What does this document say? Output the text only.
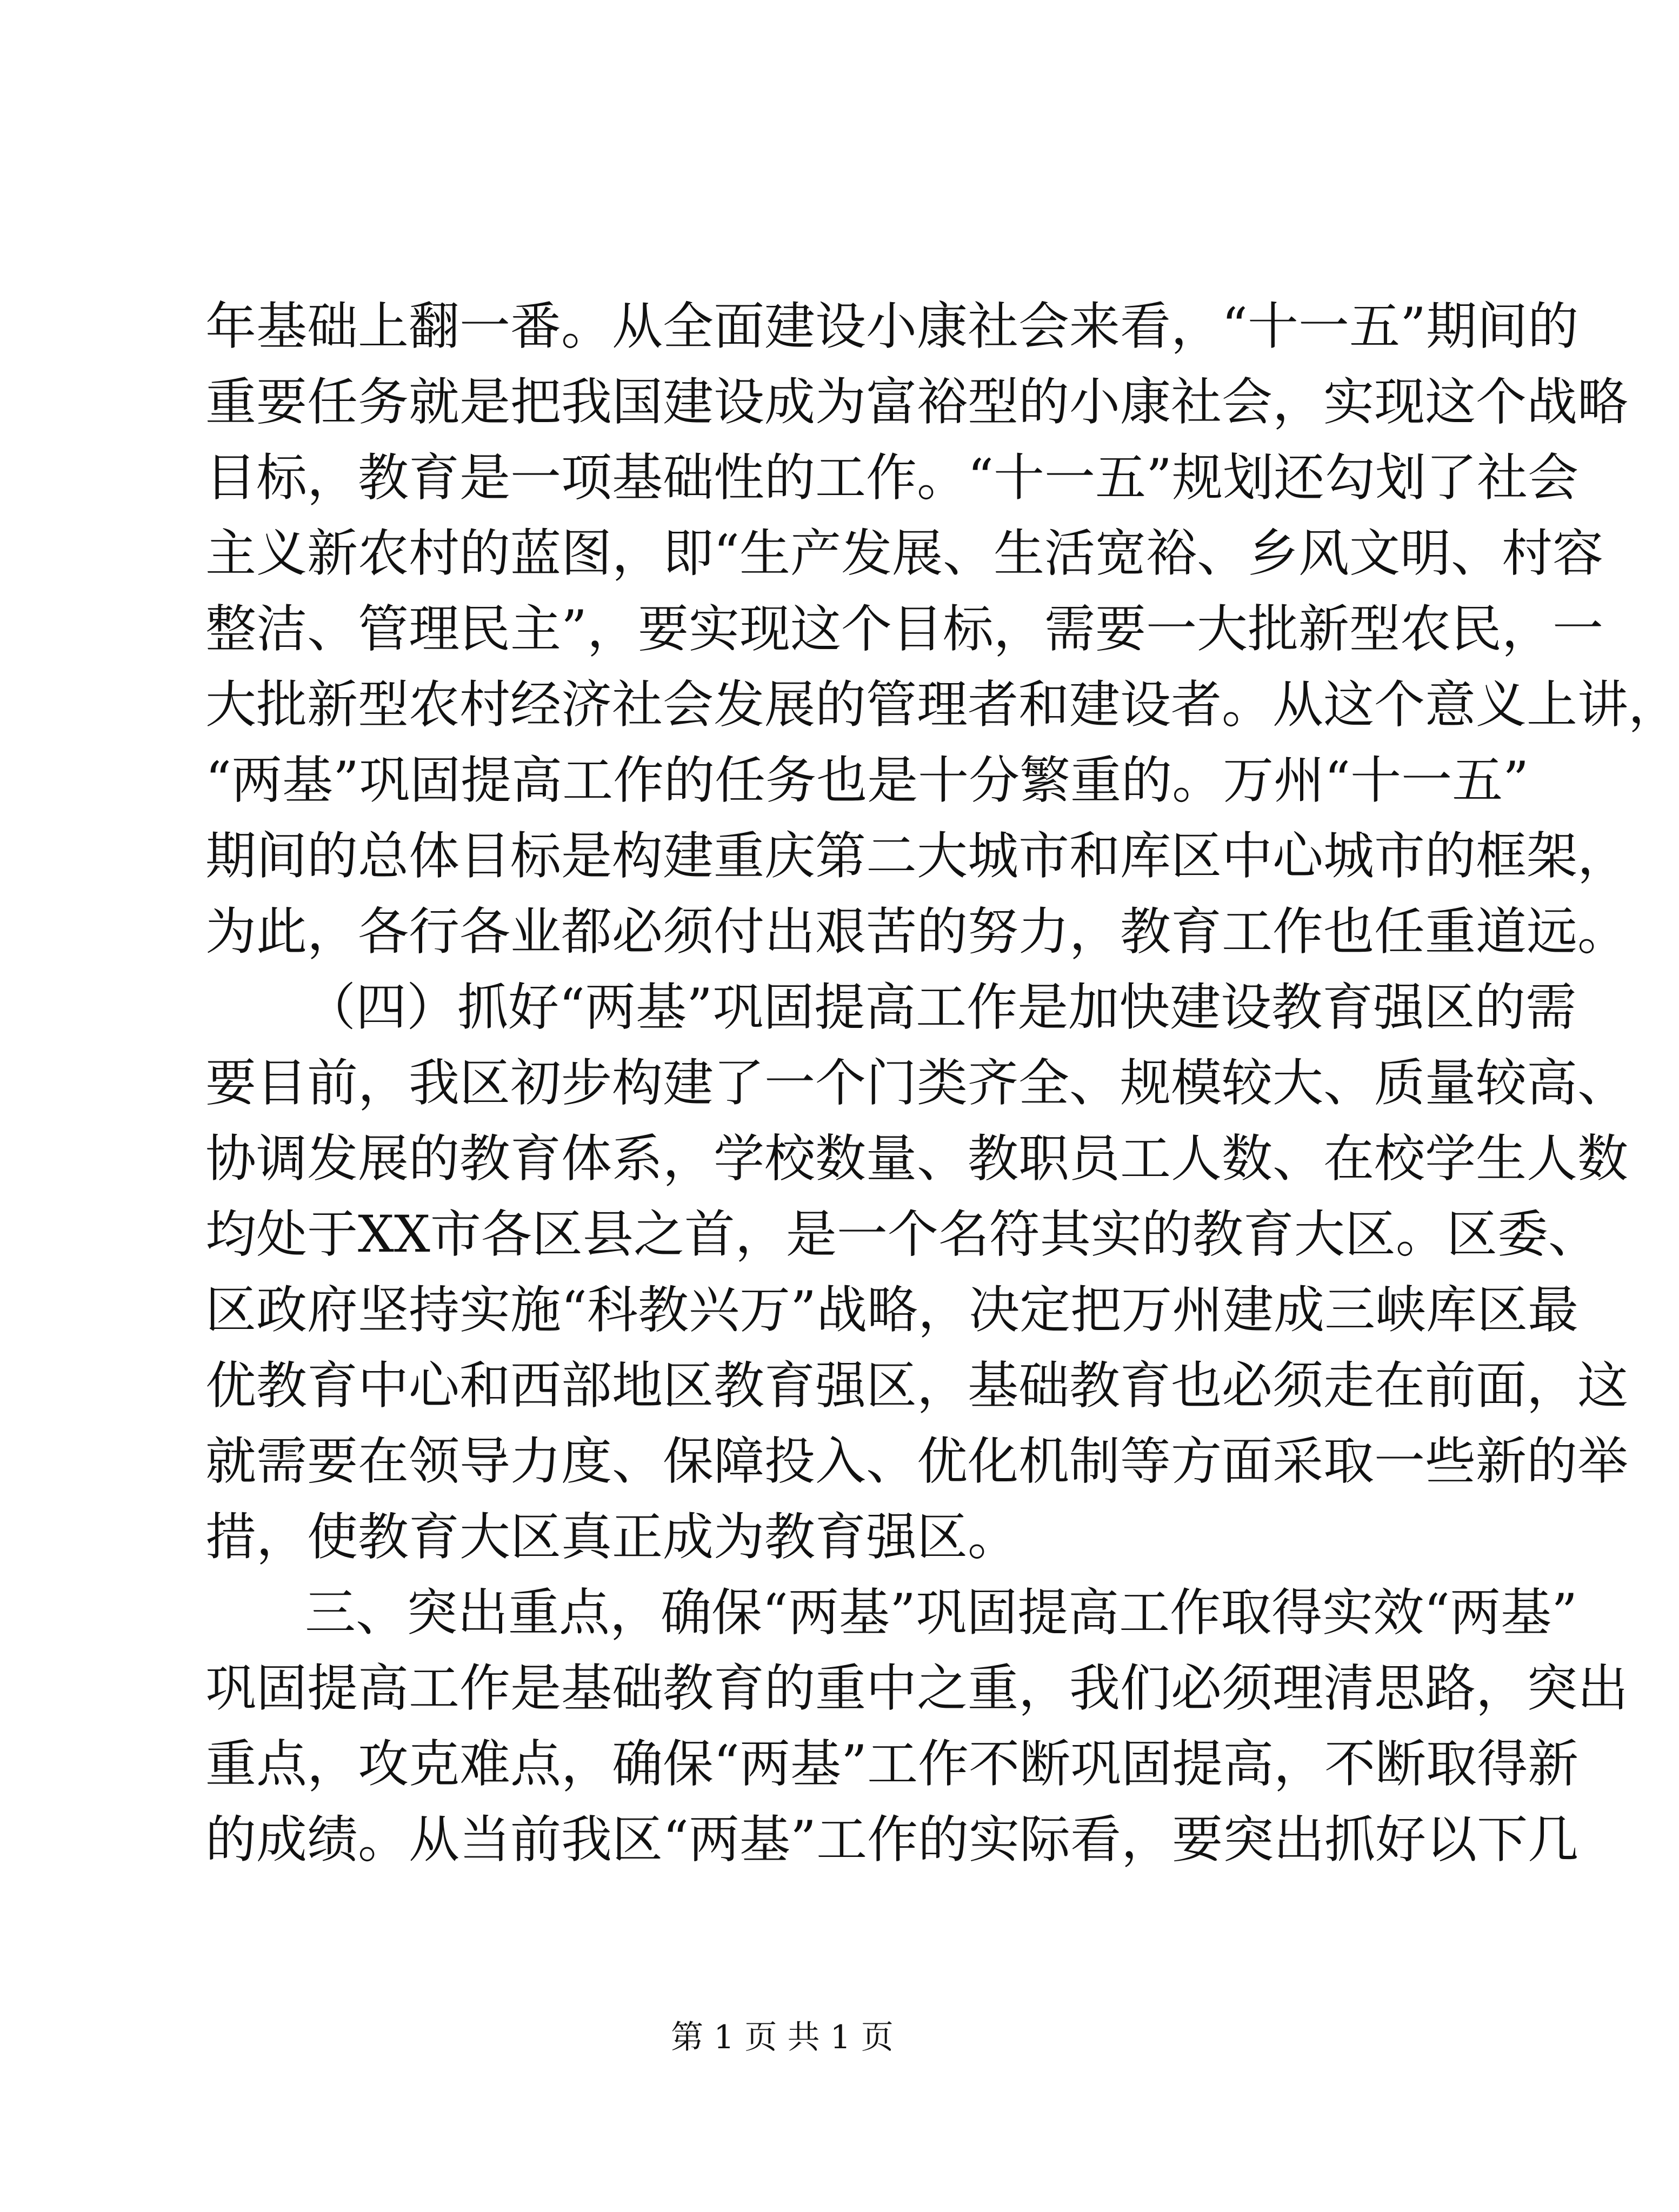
年基础上翻一番。从全面建设小康社会来看，“十一五”期间的
重要任务就是把我国建设成为富裕型的小康社会，实现这个战略
目标，教育是一项基础性的工作。“十一五”规划还勾划了社会
主义新农村的蓝图，即“生产发展、生活宽裕、乡风文明、村容
整洁、管理民主”，要实现这个目标，需要一大批新型农民，一
大批新型农村经济社会发展的管理者和建设者。从这个意义上讲，
“两基”巩固提高工作的任务也是十分繁重的。万州“十一五”
期间的总体目标是构建重庆第二大城市和库区中心城市的框架，
为此，各行各业都必须付出艰苦的努力，教育工作也任重道远。
（四）抓好“两基”巩固提高工作是加快建设教育强区的需
要目前，我区初步构建了一个门类齐全、规模较大、质量较高、
协调发展的教育体系，学校数量、教职员工人数、在校学生人数
均处于XX市各区县之首，是一个名符其实的教育大区。区委、
区政府坚持实施“科教兴万”战略，决定把万州建成三峡库区最
优教育中心和西部地区教育强区，基础教育也必须走在前面，这
就需要在领导力度、保障投入、优化机制等方面采取一些新的举
措，使教育大区真正成为教育强区。
三、突出重点，确保“两基”巩固提高工作取得实效“两基”
巩固提高工作是基础教育的重中之重，我们必须理清思路，突出
重点，攻克难点，确保“两基”工作不断巩固提高，不断取得新
的成绩。从当前我区“两基”工作的实际看，要突出抓好以下几
第 1 页 共 1 页
